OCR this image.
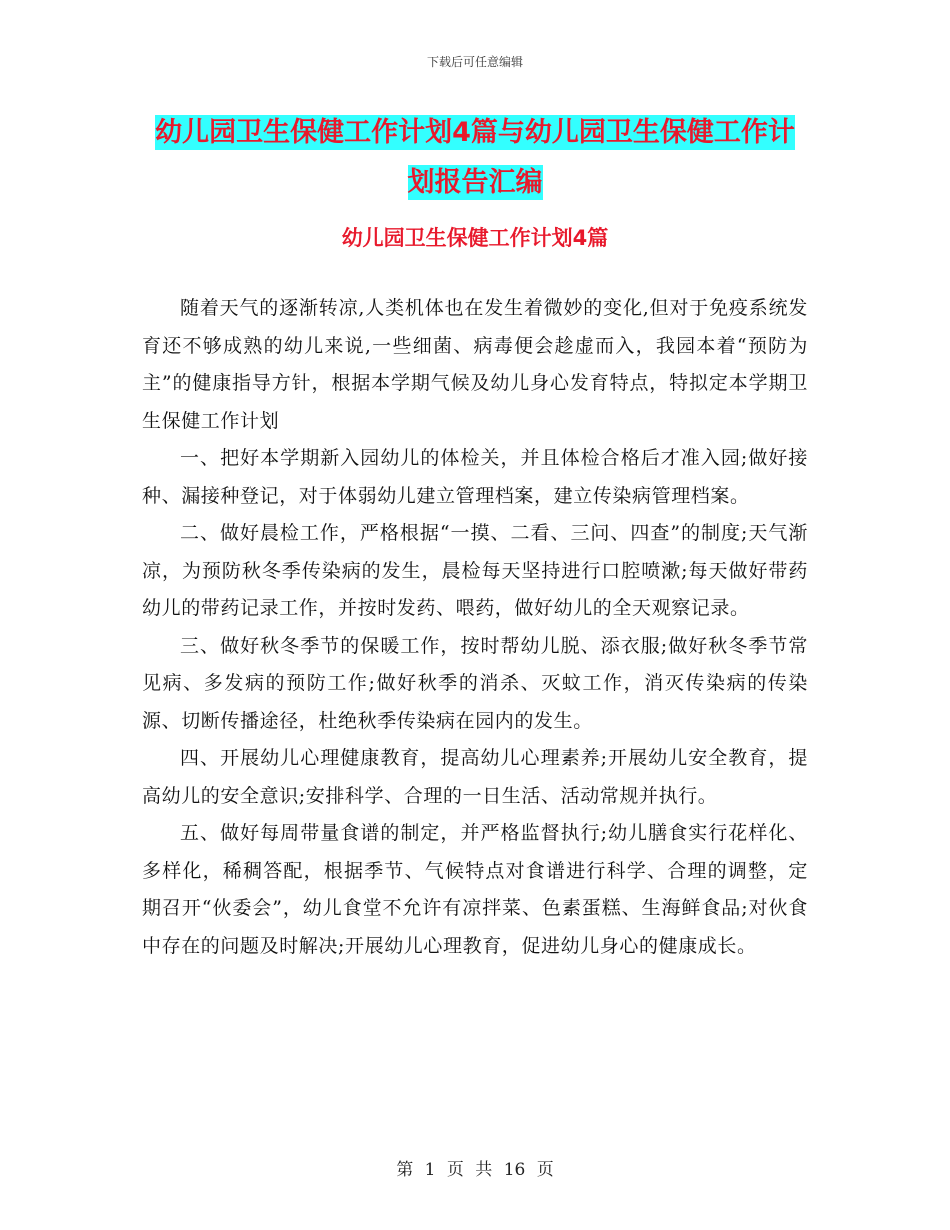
下载后可任意编辑
幼儿园卫生保健工作计划4篇与幼儿园卫生保健工作计划报告汇编
幼儿园卫生保健工作计划4篇

随着天气的逐渐转凉,人类机体也在发生着微妙的变化,但对于免疫系统发育还不够成熟的幼儿来说,一些细菌、病毒便会趁虚而入，我园本着“预防为主”的健康指导方针，根据本学期气候及幼儿身心发育特点，特拟定本学期卫生保健工作计划

一、把好本学期新入园幼儿的体检关，并且体检合格后才准入园;做好接种、漏接种登记，对于体弱幼儿建立管理档案，建立传染病管理档案。

二、做好晨检工作，严格根据“一摸、二看、三问、四查”的制度;天气渐凉，为预防秋冬季传染病的发生，晨检每天坚持进行口腔喷漱;每天做好带药幼儿的带药记录工作，并按时发药、喂药，做好幼儿的全天观察记录。

三、做好秋冬季节的保暖工作，按时帮幼儿脱、添衣服;做好秋冬季节常见病、多发病的预防工作;做好秋季的消杀、灭蚊工作，消灭传染病的传染源、切断传播途径，杜绝秋季传染病在园内的发生。

四、开展幼儿心理健康教育，提高幼儿心理素养;开展幼儿安全教育，提高幼儿的安全意识;安排科学、合理的一日生活、活动常规并执行。

五、做好每周带量食谱的制定，并严格监督执行;幼儿膳食实行花样化、多样化，稀稠答配，根据季节、气候特点对食谱进行科学、合理的调整，定期召开“伙委会”，幼儿食堂不允许有凉拌菜、色素蛋糕、生海鲜食品;对伙食中存在的问题及时解决;开展幼儿心理教育，促进幼儿身心的健康成长。

第 1 页 共 16 页
